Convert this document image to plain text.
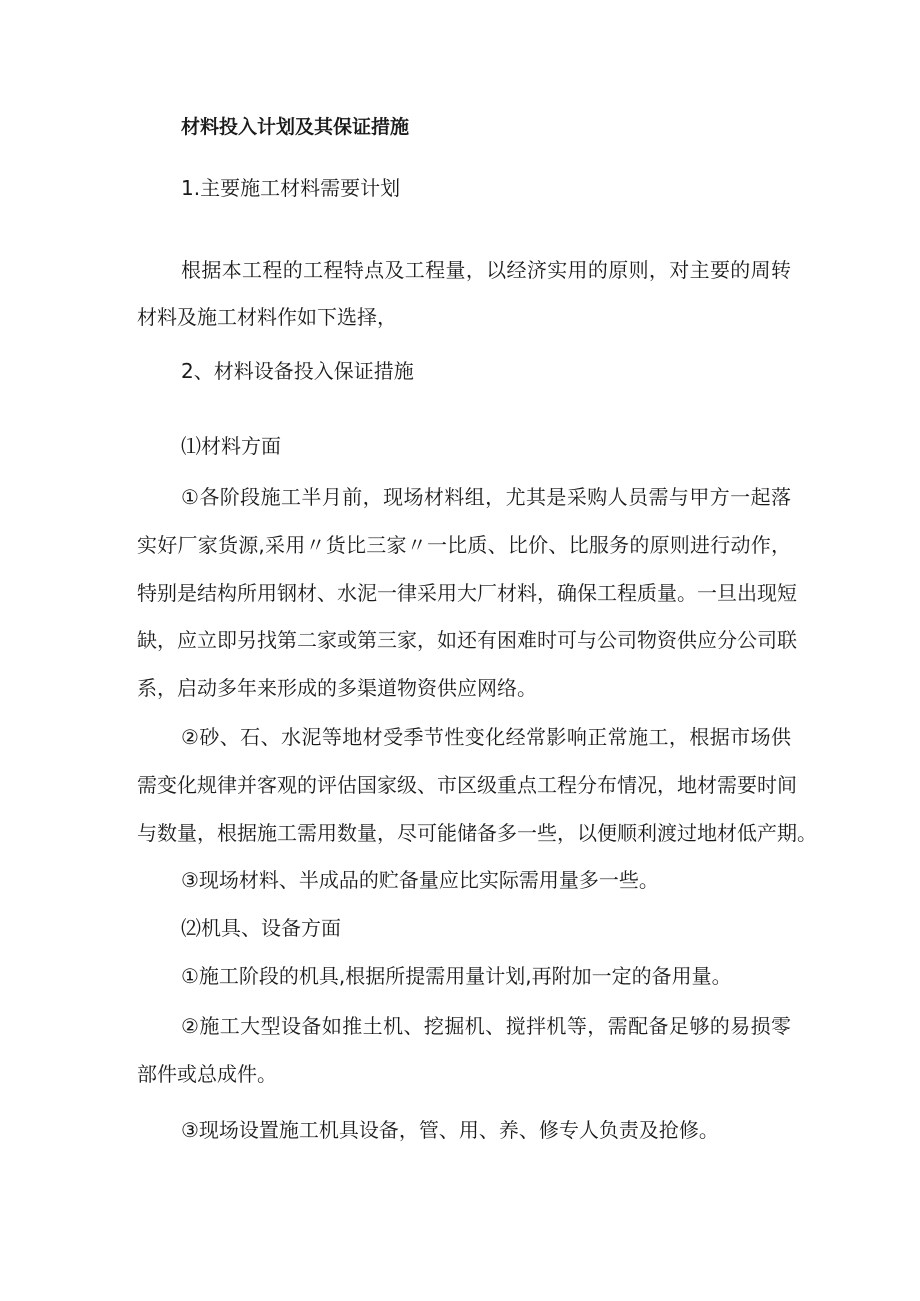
材料投入计划及其保证措施

1.主要施工材料需要计划

根据本工程的工程特点及工程量，以经济实用的原则，对主要的周转

材料及施工材料作如下选择，

2、材料设备投入保证措施

⑴材料方面

①各阶段施工半月前，现场材料组，尤其是采购人员需与甲方一起落

实好厂家货源,采用〃货比三家〃一比质、比价、比服务的原则进行动作，

特别是结构所用钢材、水泥一律采用大厂材料，确保工程质量。一旦出现短

缺，应立即另找第二家或第三家，如还有困难时可与公司物资供应分公司联

系，启动多年来形成的多渠道物资供应网络。

②砂、石、水泥等地材受季节性变化经常影响正常施工，根据市场供

需变化规律并客观的评估国家级、市区级重点工程分布情况，地材需要时间

与数量，根据施工需用数量，尽可能储备多一些，以便顺利渡过地材低产期。

③现场材料、半成品的贮备量应比实际需用量多一些。

⑵机具、设备方面

①施工阶段的机具,根据所提需用量计划,再附加一定的备用量。

②施工大型设备如推土机、挖掘机、搅拌机等，需配备足够的易损零

部件或总成件。

③现场设置施工机具设备，管、用、养、修专人负责及抢修。
